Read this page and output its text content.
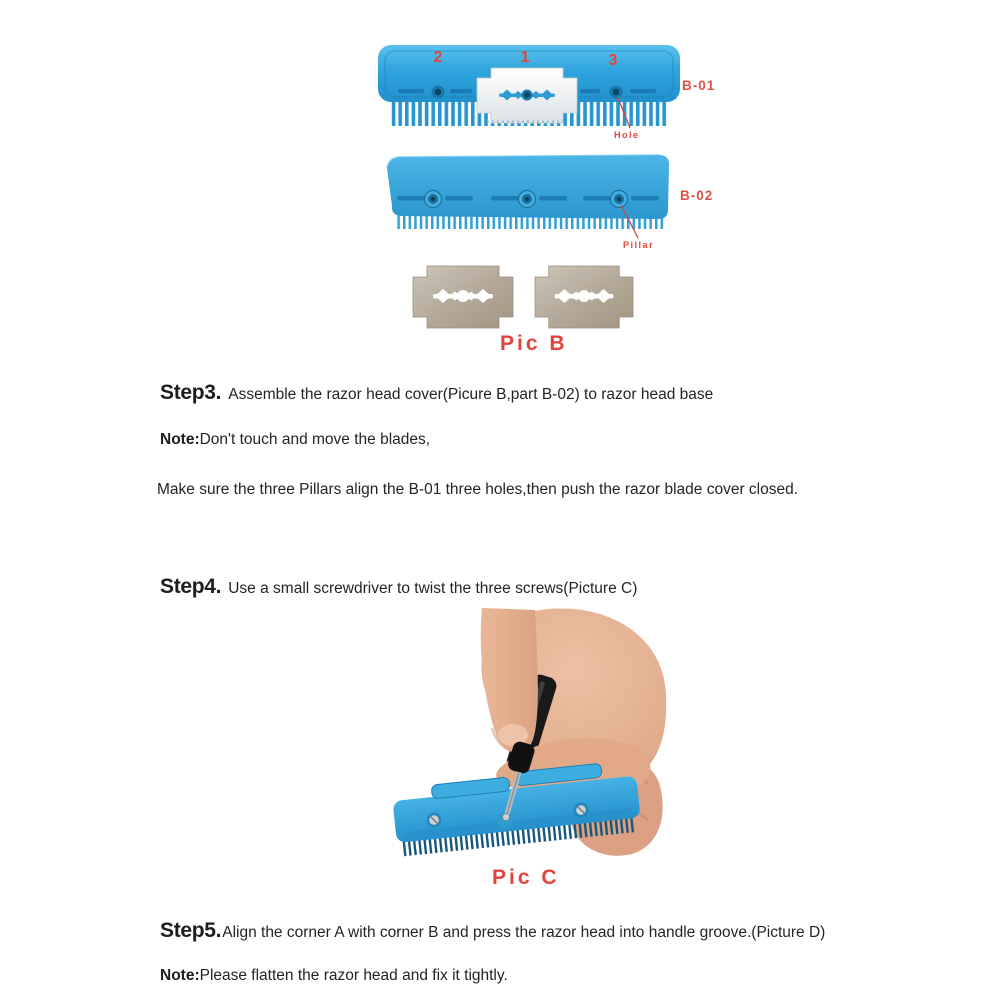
2	1	3
B-01
Hole
B-02
Pillar
Pic B
Step3. Assemble the razor head cover(Picure B,part B-02) to razor head base
Note:Don't touch and move the blades,
Make sure the three Pillars align the B-01 three holes,then push the razor blade cover closed.
Step4. Use a small screwdriver to twist the three screws(Picture C)
Pic C
Step5.Align the corner A with corner B and press the razor head into handle groove.(Picture D)
Note:Please flatten the razor head and fix it tightly.
